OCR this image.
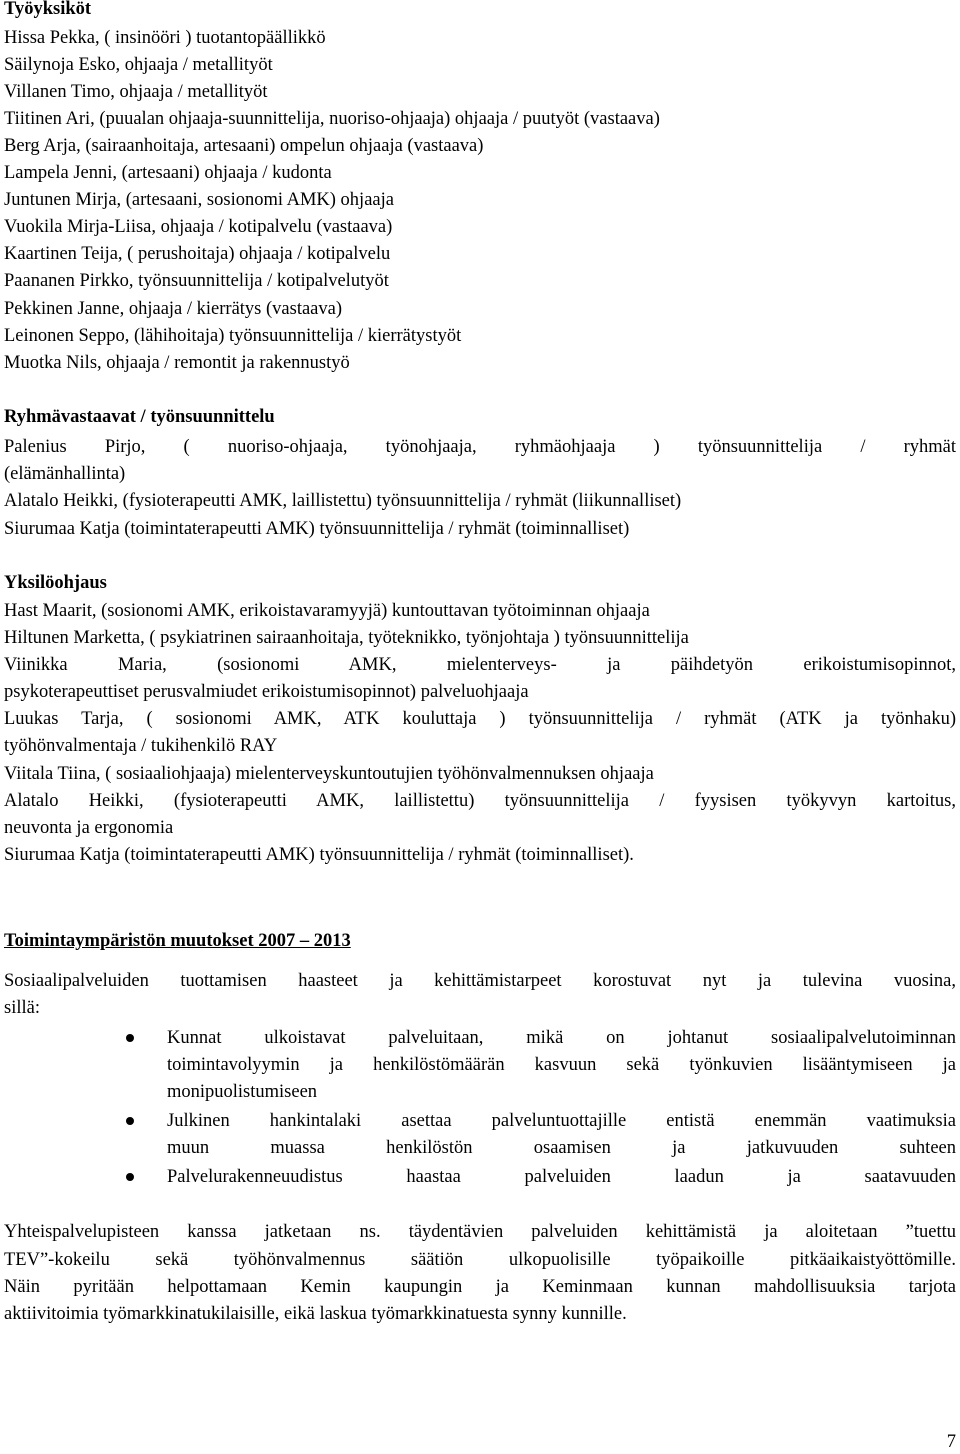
Työyksiköt
Hissa Pekka, ( insinööri ) tuotantopäällikkö
Säilynoja Esko, ohjaaja / metallityöt
Villanen Timo, ohjaaja / metallityöt
Tiitinen Ari, (puualan ohjaaja-suunnittelija, nuoriso-ohjaaja) ohjaaja / puutyöt (vastaava)
Berg Arja, (sairaanhoitaja, artesaani) ompelun ohjaaja (vastaava)
Lampela Jenni, (artesaani) ohjaaja / kudonta
Juntunen Mirja, (artesaani, sosionomi AMK) ohjaaja
Vuokila Mirja-Liisa, ohjaaja / kotipalvelu (vastaava)
Kaartinen Teija, ( perushoitaja) ohjaaja / kotipalvelu
Paananen Pirkko, työnsuunnittelija / kotipalvelutyöt
Pekkinen Janne, ohjaaja / kierrätys (vastaava)
Leinonen Seppo, (lähihoitaja) työnsuunnittelija / kierrätystyöt
Muotka Nils, ohjaaja / remontit ja rakennustyö
Ryhmävastaavat / työnsuunnittelu
Palenius Pirjo, ( nuoriso-ohjaaja, työnohjaaja, ryhmäohjaaja ) työnsuunnittelija / ryhmät
(elämänhallinta)
Alatalo Heikki, (fysioterapeutti AMK, laillistettu) työnsuunnittelija / ryhmät (liikunnalliset)
Siurumaa Katja (toimintaterapeutti AMK) työnsuunnittelija / ryhmät (toiminnalliset)
Yksilöohjaus
Hast Maarit, (sosionomi AMK, erikoistavaramyyjä) kuntouttavan työtoiminnan ohjaaja
Hiltunen Marketta, ( psykiatrinen sairaanhoitaja, työteknikko, työnjohtaja ) työnsuunnittelija
Viinikka Maria, (sosionomi AMK, mielenterveys- ja päihdetyön erikoistumisopinnot,
psykoterapeuttiset perusvalmiudet erikoistumisopinnot) palveluohjaaja
Luukas Tarja, ( sosionomi AMK, ATK kouluttaja ) työnsuunnittelija / ryhmät (ATK ja työnhaku)
työhönvalmentaja / tukihenkilö RAY
Viitala Tiina, ( sosiaaliohjaaja) mielenterveyskuntoutujien työhönvalmennuksen ohjaaja
Alatalo Heikki, (fysioterapeutti AMK, laillistettu) työnsuunnittelija / fyysisen työkyvyn kartoitus,
neuvonta ja ergonomia
Siurumaa Katja (toimintaterapeutti AMK) työnsuunnittelija / ryhmät (toiminnalliset).
Toimintaympäristön muutokset 2007 – 2013
Sosiaalipalveluiden tuottamisen haasteet ja kehittämistarpeet korostuvat nyt ja tulevina vuosina,
sillä:
Kunnat ulkoistavat palveluitaan, mikä on johtanut sosiaalipalvelutoiminnan
toimintavolyymin ja henkilöstömäärän kasvuun sekä työnkuvien lisääntymiseen ja
monipuolistumiseen
Julkinen hankintalaki asettaa palveluntuottajille entistä enemmän vaatimuksia
muun muassa henkilöstön osaamisen ja jatkuvuuden suhteen
Palvelurakenneuudistus haastaa palveluiden laadun ja saatavuuden
Yhteispalvelupisteen kanssa jatketaan ns. täydentävien palveluiden kehittämistä ja aloitetaan ”tuettu
TEV”-kokeilu sekä työhönvalmennus säätiön ulkopuolisille työpaikoille pitkäaikaistyöttömille.
Näin pyritään helpottamaan Kemin kaupungin ja Keminmaan kunnan mahdollisuuksia tarjota
aktiivitoimia työmarkkinatukilaisille, eikä laskua työmarkkinatuesta synny kunnille.
7
